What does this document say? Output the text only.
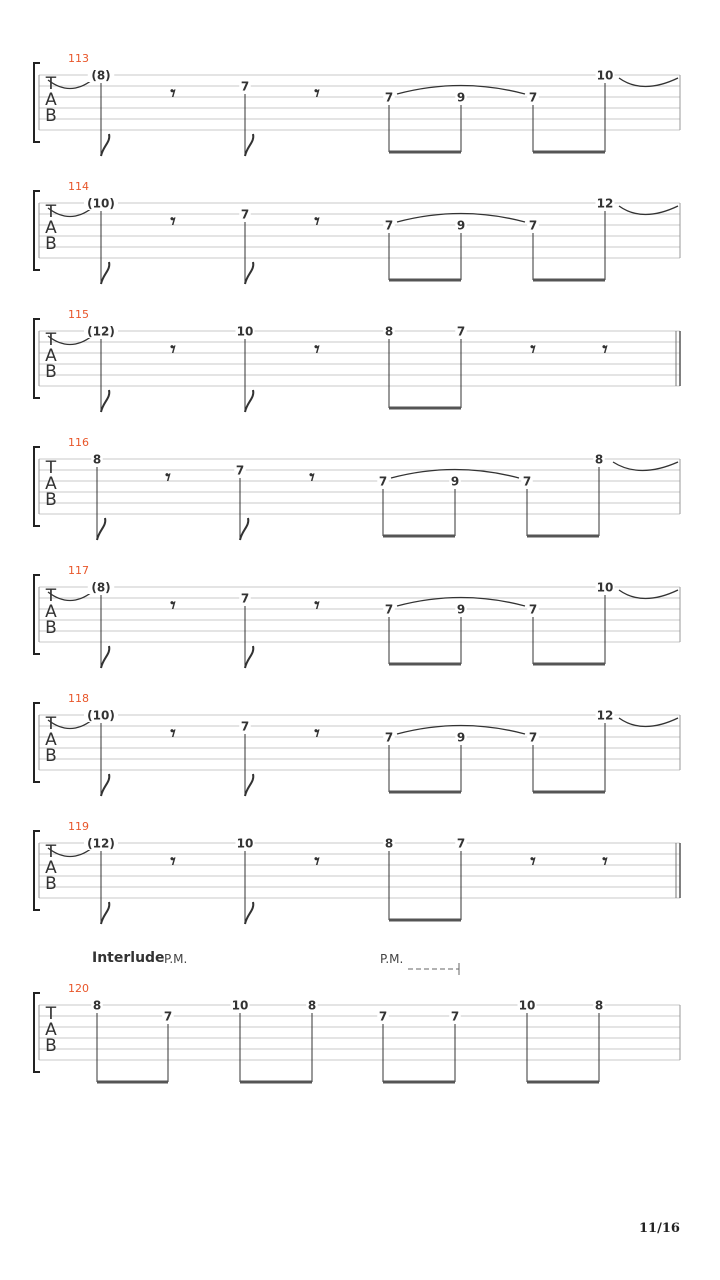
T
A
B
113
(8)
𝄾	7	𝄾	7	9	7
10
T
A
B
114
(10)
𝄾	7	𝄾	7	9	7
12
T
A
B
115
(12)
𝄾
10
𝄾
8	7
𝄾	𝄾
T
A
B
116
8
𝄾	7	𝄾	7	9	7
8
T
A
B
117
(8)
𝄾	7	𝄾	7	9	7
10
T
A
B
118
(10)
𝄾	7	𝄾	7	9	7
12
T
A
B
119
(12)
𝄾
10
𝄾
8	7
𝄾	𝄾
T
A
B
120
8
7
10	8
7	7
10	8
Interlude P.M.	P.M.
11/16
